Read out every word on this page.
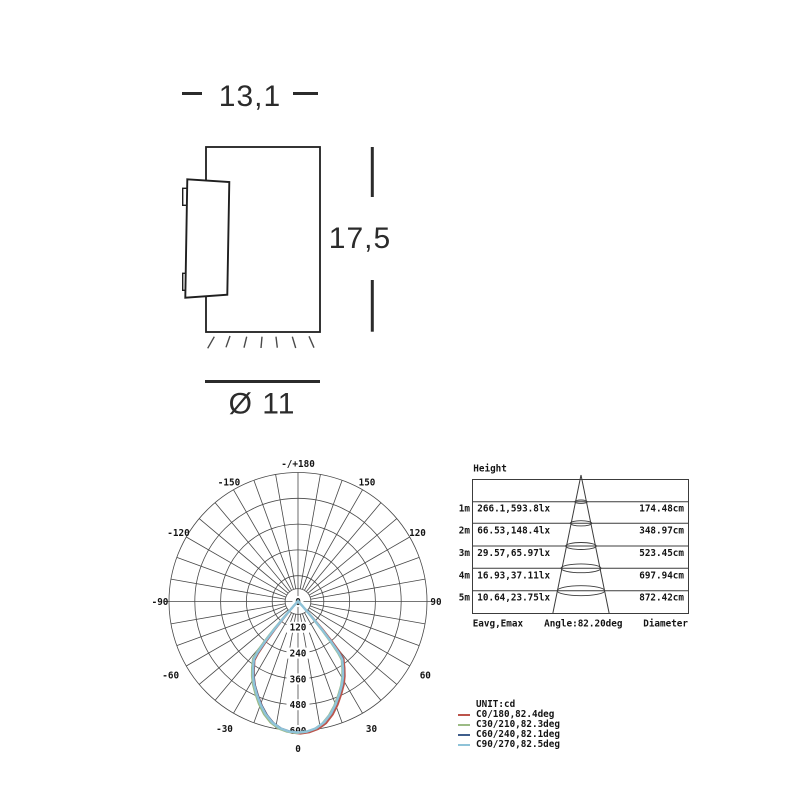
13,1
17,5
Ø 11
0
120
240
360
480
600
0
30
60
90
120
150
-/+180
-30
-60
-90
-120
-150
Height
1m 266.1,593.8lx	174.48cm
2m 66.53,148.4lx	348.97cm
3m 29.57,65.97lx	523.45cm
4m 16.93,37.11lx	697.94cm
5m 10.64,23.75lx	872.42cm
Eavg,Emax Angle:82.20deg Diameter
UNIT:cd
C0/180,82.4deg
C30/210,82.3deg
C60/240,82.1deg
C90/270,82.5deg
